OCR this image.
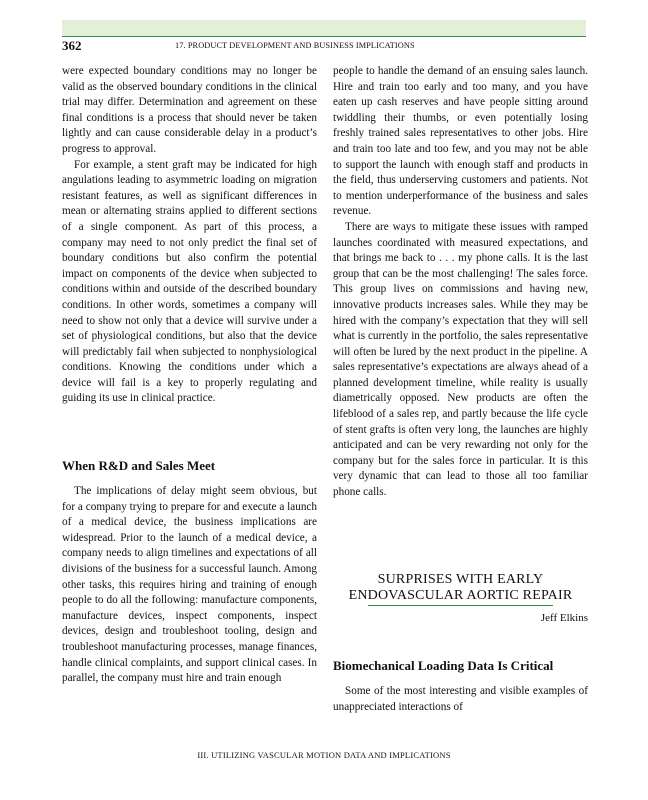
362	17. PRODUCT DEVELOPMENT AND BUSINESS IMPLICATIONS

were expected boundary conditions may no longer be valid as the observed boundary conditions in the clinical trial may differ. Determination and agreement on these final conditions is a process that should never be taken lightly and can cause considerable delay in a product’s progress to approval.

For example, a stent graft may be indicated for high angulations leading to asymmetric loading on migration resistant features, as well as significant differences in mean or alternating strains applied to different sections of a single component. As part of this process, a company may need to not only predict the final set of boundary conditions but also confirm the potential impact on components of the device when subjected to conditions within and outside of the described boundary conditions. In other words, sometimes a company will need to show not only that a device will survive under a set of physiological conditions, but also that the device will predictably fail when subjected to nonphysiological conditions. Knowing the conditions under which a device will fail is a key to properly regulating and guiding its use in clinical practice.

When R&D and Sales Meet

The implications of delay might seem obvious, but for a company trying to prepare for and execute a launch of a medical device, the business implications are widespread. Prior to the launch of a medical device, a company needs to align timelines and expectations of all divisions of the business for a successful launch. Among other tasks, this requires hiring and training of enough people to do all the following: manufacture components, manufacture devices, inspect components, inspect devices, design and troubleshoot tooling, design and troubleshoot manufacturing processes, manage finances, handle clinical complaints, and support clinical cases. In parallel, the company must hire and train enough

people to handle the demand of an ensuing sales launch. Hire and train too early and too many, and you have eaten up cash reserves and have people sitting around twiddling their thumbs, or even potentially losing freshly trained sales representatives to other jobs. Hire and train too late and too few, and you may not be able to support the launch with enough staff and products in the field, thus underserving customers and patients. Not to mention underperformance of the business and sales revenue.

There are ways to mitigate these issues with ramped launches coordinated with measured expectations, and that brings me back to . . . my phone calls. It is the last group that can be the most challenging! The sales force. This group lives on commissions and having new, innovative products increases sales. While they may be hired with the company’s expectation that they will sell what is currently in the portfolio, the sales representative will often be lured by the next product in the pipeline. A sales representative’s expectations are always ahead of a planned development timeline, while reality is usually diametrically opposed. New products are often the lifeblood of a sales rep, and partly because the life cycle of stent grafts is often very long, the launches are highly anticipated and can be very rewarding not only for the company but for the sales force in particular. It is this very dynamic that can lead to those all too familiar phone calls.

SURPRISES WITH EARLY
ENDOVASCULAR AORTIC REPAIR
Jeff Elkins
Biomechanical Loading Data Is Critical

Some of the most interesting and visible examples of unappreciated interactions of

III. UTILIZING VASCULAR MOTION DATA AND IMPLICATIONS
